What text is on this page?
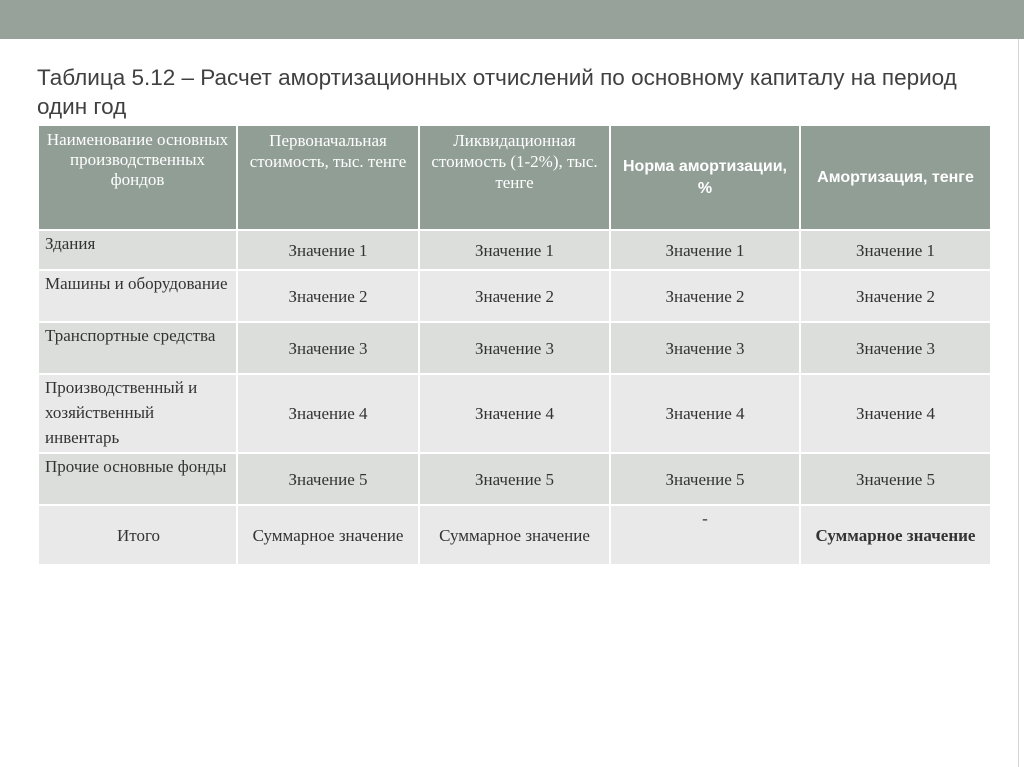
Таблица 5.12 – Расчет амортизационных отчислений по основному капиталу на период один год
Наименование основных производственных фондов	Первоначальная стоимость, тыс. тенге	Ликвидационная стоимость (1-2%), тыс. тенге	Норма амортизации, %	Амортизация, тенге
Здания	Значение 1	Значение 1	Значение 1	Значение 1
Машины и оборудование	Значение 2	Значение 2	Значение 2	Значение 2
Транспортные средства	Значение 3	Значение 3	Значение 3	Значение 3
Производственный и хозяйственный инвентарь	Значение 4	Значение 4	Значение 4	Значение 4
Прочие основные фонды	Значение 5	Значение 5	Значение 5	Значение 5
Итого	Суммарное значение	Суммарное значение	-	Суммарное значение
